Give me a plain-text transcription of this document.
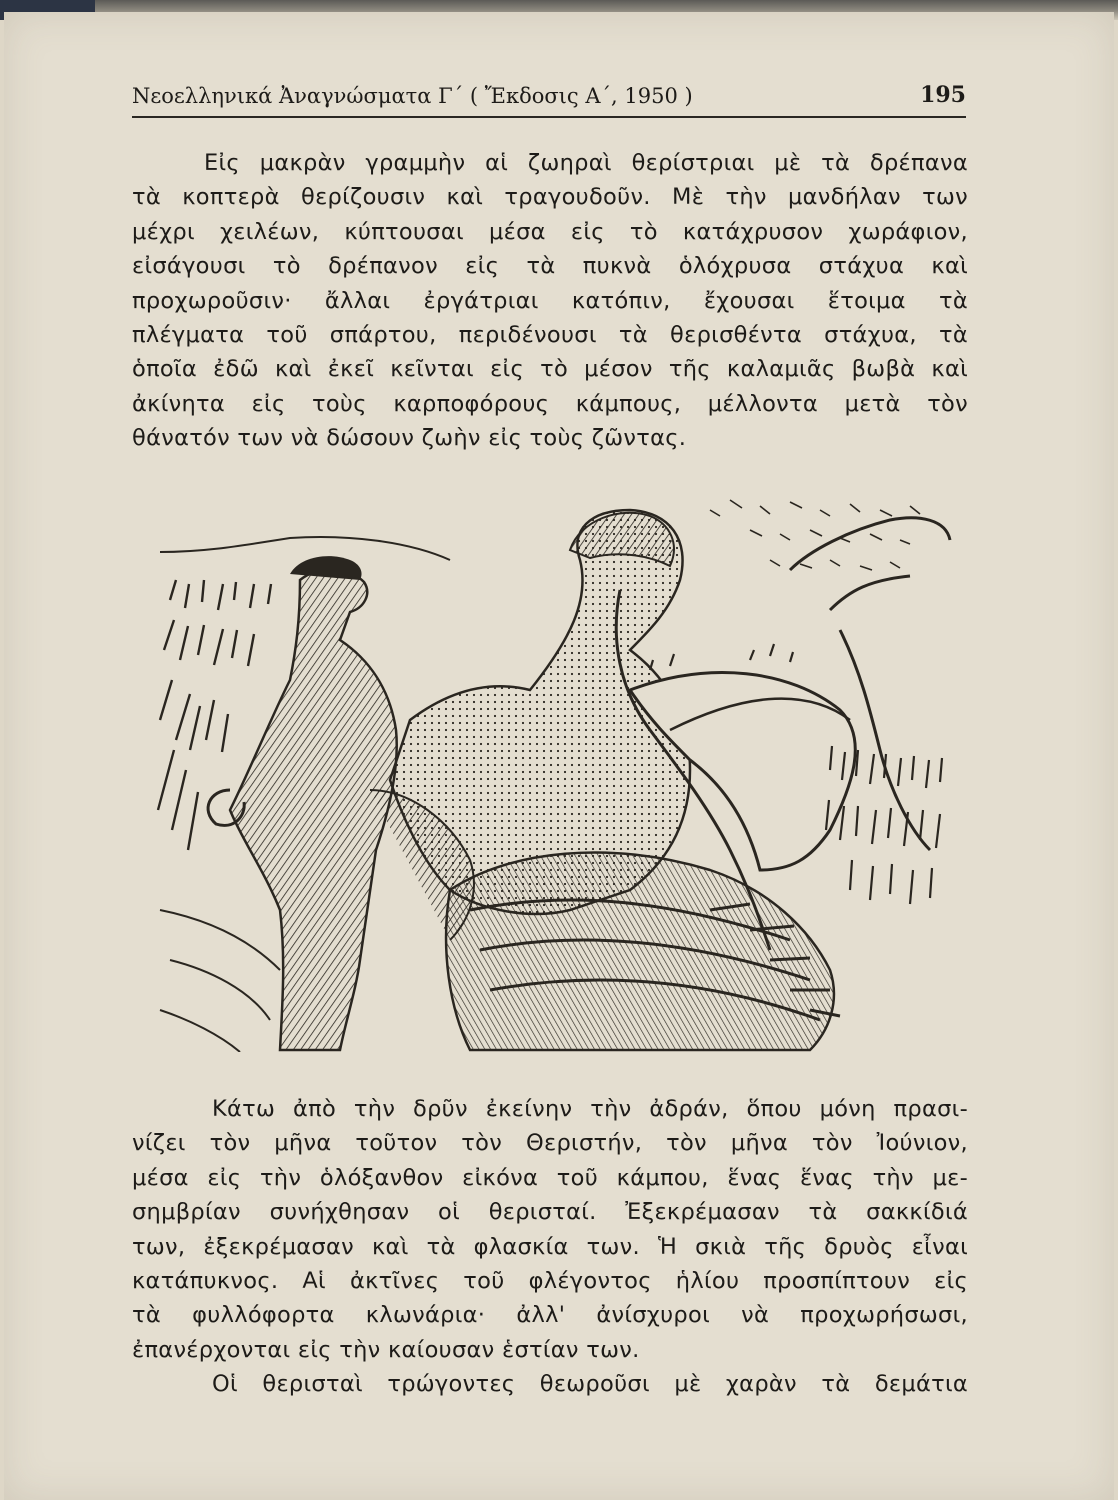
Νεοελληνικά Ἀναγνώσματα Γ΄ ( Ἔκδοσις Α΄, 1950 )	195
Εἰς μακρὰν γραμμὴν αἱ ζωηραὶ θερίστριαι μὲ τὰ δρέπανα
τὰ κοπτερὰ θερίζουσιν καὶ τραγουδοῦν. Μὲ τὴν μανδήλαν των
μέχρι χειλέων, κύπτουσαι μέσα εἰς τὸ κατάχρυσον χωράφιον,
εἰσάγουσι τὸ δρέπανον εἰς τὰ πυκνὰ ὁλόχρυσα στάχυα καὶ
προχωροῦσιν· ἄλλαι ἐργάτριαι κατόπιν, ἔχουσαι ἕτοιμα τὰ
πλέγματα τοῦ σπάρτου, περιδένουσι τὰ θερισθέντα στάχυα, τὰ
ὁποῖα ἐδῶ καὶ ἐκεῖ κεῖνται εἰς τὸ μέσον τῆς καλαμιᾶς βωβὰ καὶ
ἀκίνητα εἰς τοὺς καρποφόρους κάμπους, μέλλοντα μετὰ τὸν
θάνατόν των νὰ δώσουν ζωὴν εἰς τοὺς ζῶντας.
Κάτω ἀπὸ τὴν δρῦν ἐκείνην τὴν ἀδράν, ὅπου μόνη πρασι-
νίζει τὸν μῆνα τοῦτον τὸν Θεριστήν, τὸν μῆνα τὸν Ἰούνιον,
μέσα εἰς τὴν ὁλόξανθον εἰκόνα τοῦ κάμπου, ἕνας ἕνας τὴν με-
σημβρίαν συνήχθησαν οἱ θερισταί. Ἐξεκρέμασαν τὰ σακκίδιά
των, ἐξεκρέμασαν καὶ τὰ φλασκία των. Ἡ σκιὰ τῆς δρυὸς εἶναι
κατάπυκνος. Αἱ ἀκτῖνες τοῦ φλέγοντος ἡλίου προσπίπτουν εἰς
τὰ φυλλόφορτα κλωνάρια· ἀλλ' ἀνίσχυροι νὰ προχωρήσωσι,
ἐπανέρχονται εἰς τὴν καίουσαν ἑστίαν των.
Οἱ θερισταὶ τρώγοντες θεωροῦσι μὲ χαρὰν τὰ δεμάτια
